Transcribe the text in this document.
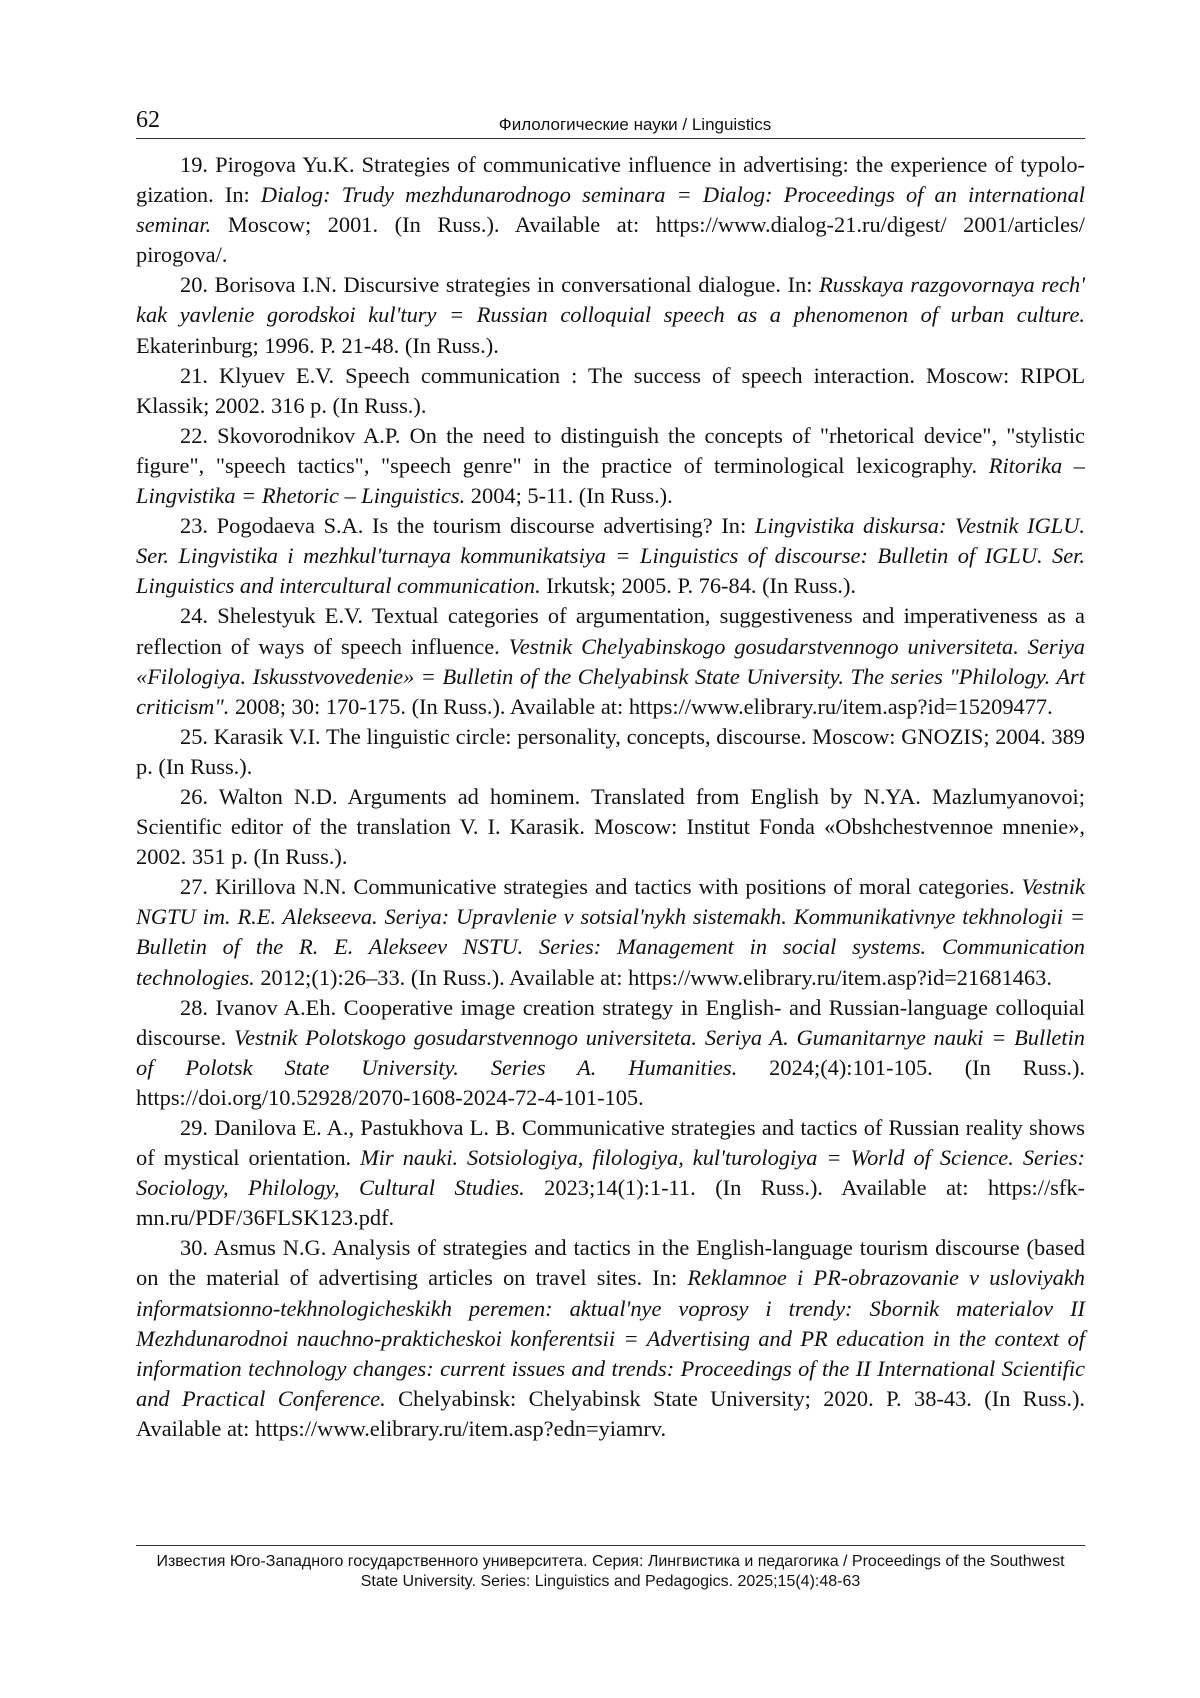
62	Филологические науки / Linguistics
19. Pirogova Yu.K. Strategies of communicative influence in advertising: the experience of typologization. In: Dialog: Trudy mezhdunarodnogo seminara = Dialog: Proceedings of an international seminar. Moscow; 2001. (In Russ.). Available at: https://www.dialog-21.ru/digest/ 2001/articles/ pirogova/.
20. Borisova I.N. Discursive strategies in conversational dialogue. In: Russkaya razgovornaya rech' kak yavlenie gorodskoi kul'tury = Russian colloquial speech as a phenomenon of urban culture. Ekaterinburg; 1996. P. 21-48. (In Russ.).
21. Klyuev E.V. Speech communication : The success of speech interaction. Moscow: RIPOL Klassik; 2002. 316 p. (In Russ.).
22. Skovorodnikov A.P. On the need to distinguish the concepts of "rhetorical device", "stylistic figure", "speech tactics", "speech genre" in the practice of terminological lexicography. Ritorika – Lingvistika = Rhetoric – Linguistics. 2004; 5-11. (In Russ.).
23. Pogodaeva S.A. Is the tourism discourse advertising? In: Lingvistika diskursa: Vestnik IGLU. Ser. Lingvistika i mezhkul'turnaya kommunikatsiya = Linguistics of discourse: Bulletin of IGLU. Ser. Linguistics and intercultural communication. Irkutsk; 2005. P. 76-84. (In Russ.).
24. Shelestyuk E.V. Textual categories of argumentation, suggestiveness and imperativeness as a reflection of ways of speech influence. Vestnik Chelyabinskogo gosudarstvennogo universiteta. Seriya «Filologiya. Iskusstvovedenie» = Bulletin of the Chelyabinsk State University. The series "Philology. Art criticism". 2008; 30: 170-175. (In Russ.). Available at: https://www.elibrary.ru/item.asp?id=15209477.
25. Karasik V.I. The linguistic circle: personality, concepts, discourse. Moscow: GNOZIS; 2004. 389 p. (In Russ.).
26. Walton N.D. Arguments ad hominem. Translated from English by N.YA. Mazlumyanovoi; Scientific editor of the translation V. I. Karasik. Moscow: Institut Fonda «Obshchestvennoe mnenie», 2002. 351 p. (In Russ.).
27. Kirillova N.N. Communicative strategies and tactics with positions of moral categories. Vestnik NGTU im. R.E. Alekseeva. Seriya: Upravlenie v sotsial'nykh sistemakh. Kommunikativnye tekhnologii = Bulletin of the R. E. Alekseev NSTU. Series: Management in social systems. Communication technologies. 2012;(1):26–33. (In Russ.). Available at: https://www.elibrary.ru/item.asp?id=21681463.
28. Ivanov A.Eh. Cooperative image creation strategy in English- and Russian-language colloquial discourse. Vestnik Polotskogo gosudarstvennogo universiteta. Seriya A. Gumanitarnye nauki = Bulletin of Polotsk State University. Series A. Humanities. 2024;(4):101-105. (In Russ.). https://doi.org/10.52928/2070-1608-2024-72-4-101-105.
29. Danilova E. A., Pastukhova L. B. Communicative strategies and tactics of Russian reality shows of mystical orientation. Mir nauki. Sotsiologiya, filologiya, kul'turologiya = World of Science. Series: Sociology, Philology, Cultural Studies. 2023;14(1):1-11. (In Russ.). Available at: https://sfk-mn.ru/PDF/36FLSK123.pdf.
30. Asmus N.G. Analysis of strategies and tactics in the English-language tourism discourse (based on the material of advertising articles on travel sites. In: Reklamnoe i PR-obrazovanie v usloviyakh informatsionno-tekhnologicheskikh peremen: aktual'nye voprosy i trendy: Sbornik materialov II Mezhdunarodnoi nauchno-prakticheskoi konferentsii = Advertising and PR education in the context of information technology changes: current issues and trends: Proceedings of the II International Scientific and Practical Conference. Chelyabinsk: Chelyabinsk State University; 2020. P. 38-43. (In Russ.). Available at: https://www.elibrary.ru/item.asp?edn=yiamrv.
Известия Юго-Западного государственного университета. Серия: Лингвистика и педагогика / Proceedings of the Southwest State University. Series: Linguistics and Pedagogics. 2025;15(4):48-63
